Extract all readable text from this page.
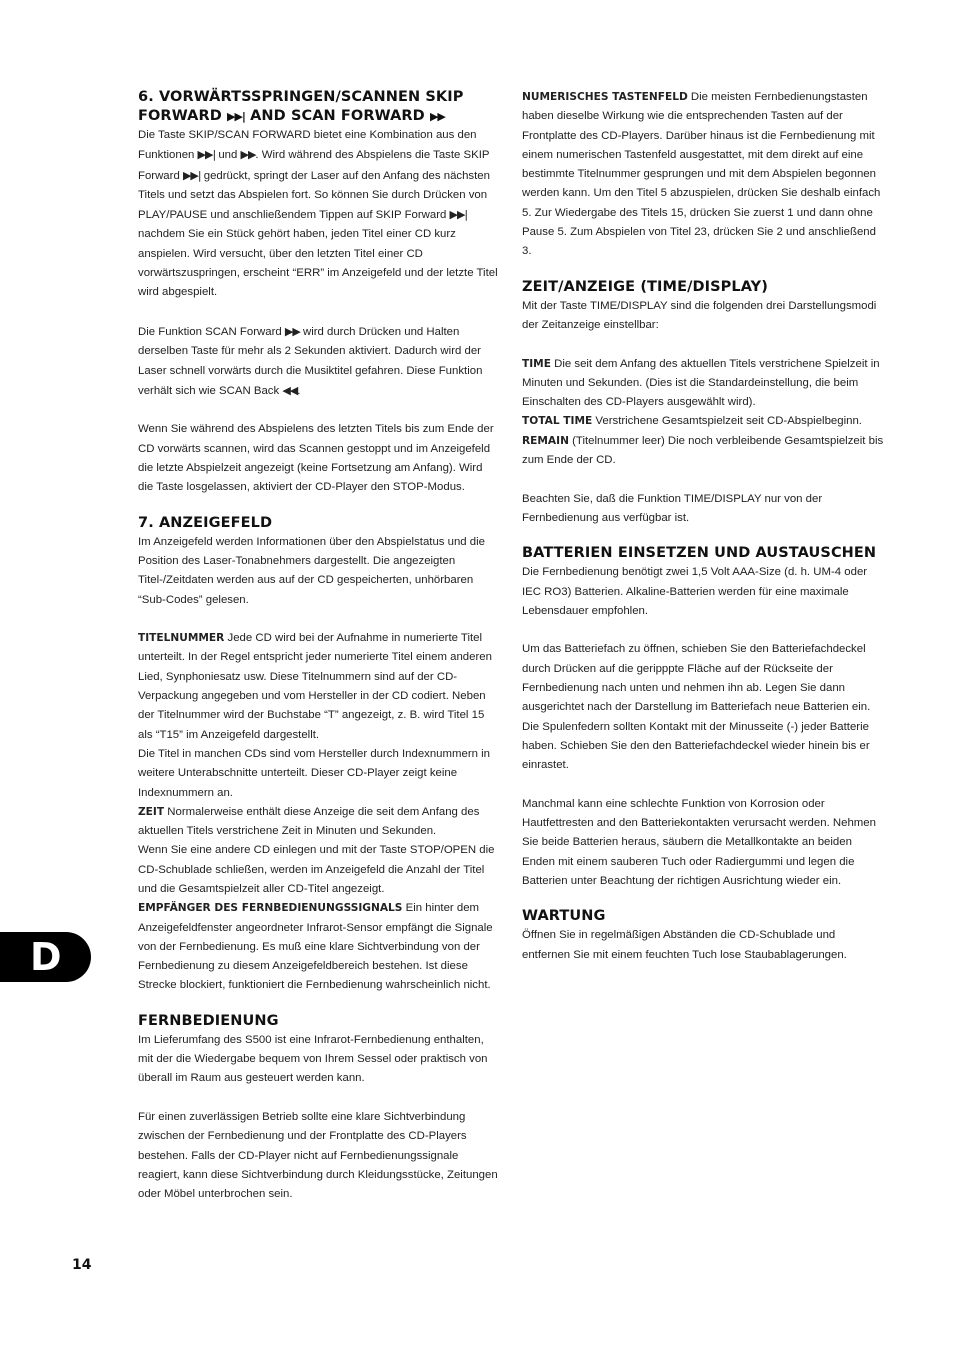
6. VORWÄRTSSPRINGEN/SCANNEN SKIP FORWARD ▶▶| AND SCAN FORWARD ▶▶

Die Taste SKIP/SCAN FORWARD bietet eine Kombination aus den Funktionen ▶▶| und ▶▶. Wird während des Abspielens die Taste SKIP Forward ▶▶| gedrückt, springt der Laser auf den Anfang des nächsten Titels und setzt das Abspielen fort. So können Sie durch Drücken von PLAY/PAUSE und anschließendem Tippen auf SKIP Forward ▶▶| nachdem Sie ein Stück gehört haben, jeden Titel einer CD kurz anspielen. Wird versucht, über den letzten Titel einer CD vorwärtszuspringen, erscheint “ERR” im Anzeigefeld und der letzte Titel wird abgespielt.

Die Funktion SCAN Forward ▶▶ wird durch Drücken und Halten derselben Taste für mehr als 2 Sekunden aktiviert. Dadurch wird der Laser schnell vorwärts durch die Musiktitel gefahren. Diese Funktion verhält sich wie SCAN Back ◀◀.

Wenn Sie während des Abspielens des letzten Titels bis zum Ende der CD vorwärts scannen, wird das Scannen gestoppt und im Anzeigefeld die letzte Abspielzeit angezeigt (keine Fortsetzung am Anfang). Wird die Taste losgelassen, aktiviert der CD-Player den STOP-Modus.

7. ANZEIGEFELD

Im Anzeigefeld werden Informationen über den Abspielstatus und die Position des Laser-Tonabnehmers dargestellt. Die angezeigten Titel-/Zeitdaten werden aus auf der CD gespeicherten, unhörbaren “Sub-Codes” gelesen.

TITELNUMMER Jede CD wird bei der Aufnahme in numerierte Titel unterteilt. In der Regel entspricht jeder numerierte Titel einem anderen Lied, Synphoniesatz usw. Diese Titelnummern sind auf der CD-Verpackung angegeben und vom Hersteller in der CD codiert. Neben der Titelnummer wird der Buchstabe “T” angezeigt, z. B. wird Titel 15 als “T15” im Anzeigefeld dargestellt.

Die Titel in manchen CDs sind vom Hersteller durch Indexnummern in weitere Unterabschnitte unterteilt. Dieser CD-Player zeigt keine Indexnummern an.

ZEIT Normalerweise enthält diese Anzeige die seit dem Anfang des aktuellen Titels verstrichene Zeit in Minuten und Sekunden.

Wenn Sie eine andere CD einlegen und mit der Taste STOP/OPEN die CD-Schublade schließen, werden im Anzeigefeld die Anzahl der Titel und die Gesamtspielzeit aller CD-Titel angezeigt.

EMPFÄNGER DES FERNBEDIENUNGSSIGNALS Ein hinter dem Anzeigefeldfenster angeordneter Infrarot-Sensor empfängt die Signale von der Fernbedienung. Es muß eine klare Sichtverbindung von der Fernbedienung zu diesem Anzeigefeldbereich bestehen. Ist diese Strecke blockiert, funktioniert die Fernbedienung wahrscheinlich nicht.

FERNBEDIENUNG

Im Lieferumfang des S500 ist eine Infrarot-Fernbedienung enthalten, mit der die Wiedergabe bequem von Ihrem Sessel oder praktisch von überall im Raum aus gesteuert werden kann.

Für einen zuverlässigen Betrieb sollte eine klare Sichtverbindung zwischen der Fernbedienung und der Frontplatte des CD-Players bestehen. Falls der CD-Player nicht auf Fernbedienungssignale reagiert, kann diese Sichtverbindung durch Kleidungsstücke, Zeitungen oder Möbel unterbrochen sein.

NUMERISCHES TASTENFELD Die meisten Fernbedienungstasten haben dieselbe Wirkung wie die entsprechenden Tasten auf der Frontplatte des CD-Players. Darüber hinaus ist die Fernbedienung mit einem numerischen Tastenfeld ausgestattet, mit dem direkt auf eine bestimmte Titelnummer gesprungen und mit dem Abspielen begonnen werden kann. Um den Titel 5 abzuspielen, drücken Sie deshalb einfach 5. Zur Wiedergabe des Titels 15, drücken Sie zuerst 1 und dann ohne Pause 5. Zum Abspielen von Titel 23, drücken Sie 2 und anschließend 3.

ZEIT/ANZEIGE (TIME/DISPLAY)

Mit der Taste TIME/DISPLAY sind die folgenden drei Darstellungsmodi der Zeitanzeige einstellbar:

TIME Die seit dem Anfang des aktuellen Titels verstrichene Spielzeit in Minuten und Sekunden. (Dies ist die Standardeinstellung, die beim Einschalten des CD-Players ausgewählt wird).

TOTAL TIME Verstrichene Gesamtspielzeit seit CD-Abspielbeginn.

REMAIN (Titelnummer leer) Die noch verbleibende Gesamtspielzeit bis zum Ende der CD.

Beachten Sie, daß die Funktion TIME/DISPLAY nur von der Fernbedienung aus verfügbar ist.

BATTERIEN EINSETZEN UND AUSTAUSCHEN

Die Fernbedienung benötigt zwei 1,5 Volt AAA-Size (d. h. UM-4 oder IEC RO3) Batterien. Alkaline-Batterien werden für eine maximale Lebensdauer empfohlen.

Um das Batteriefach zu öffnen, schieben Sie den Batteriefachdeckel durch Drücken auf die geripppte Fläche auf der Rückseite der Fernbedienung nach unten und nehmen ihn ab. Legen Sie dann ausgerichtet nach der Darstellung im Batteriefach neue Batterien ein. Die Spulenfedern sollten Kontakt mit der Minusseite (-) jeder Batterie haben. Schieben Sie den den Batteriefachdeckel wieder hinein bis er einrastet.

Manchmal kann eine schlechte Funktion von Korrosion oder Hautfettresten and den Batteriekontakten verursacht werden. Nehmen Sie beide Batterien heraus, säubern die Metallkontakte an beiden Enden mit einem sauberen Tuch oder Radiergummi und legen die Batterien unter Beachtung der richtigen Ausrichtung wieder ein.

WARTUNG

Öffnen Sie in regelmäßigen Abständen die CD-Schublade und entfernen Sie mit einem feuchten Tuch lose Staubablagerungen.

D
14
